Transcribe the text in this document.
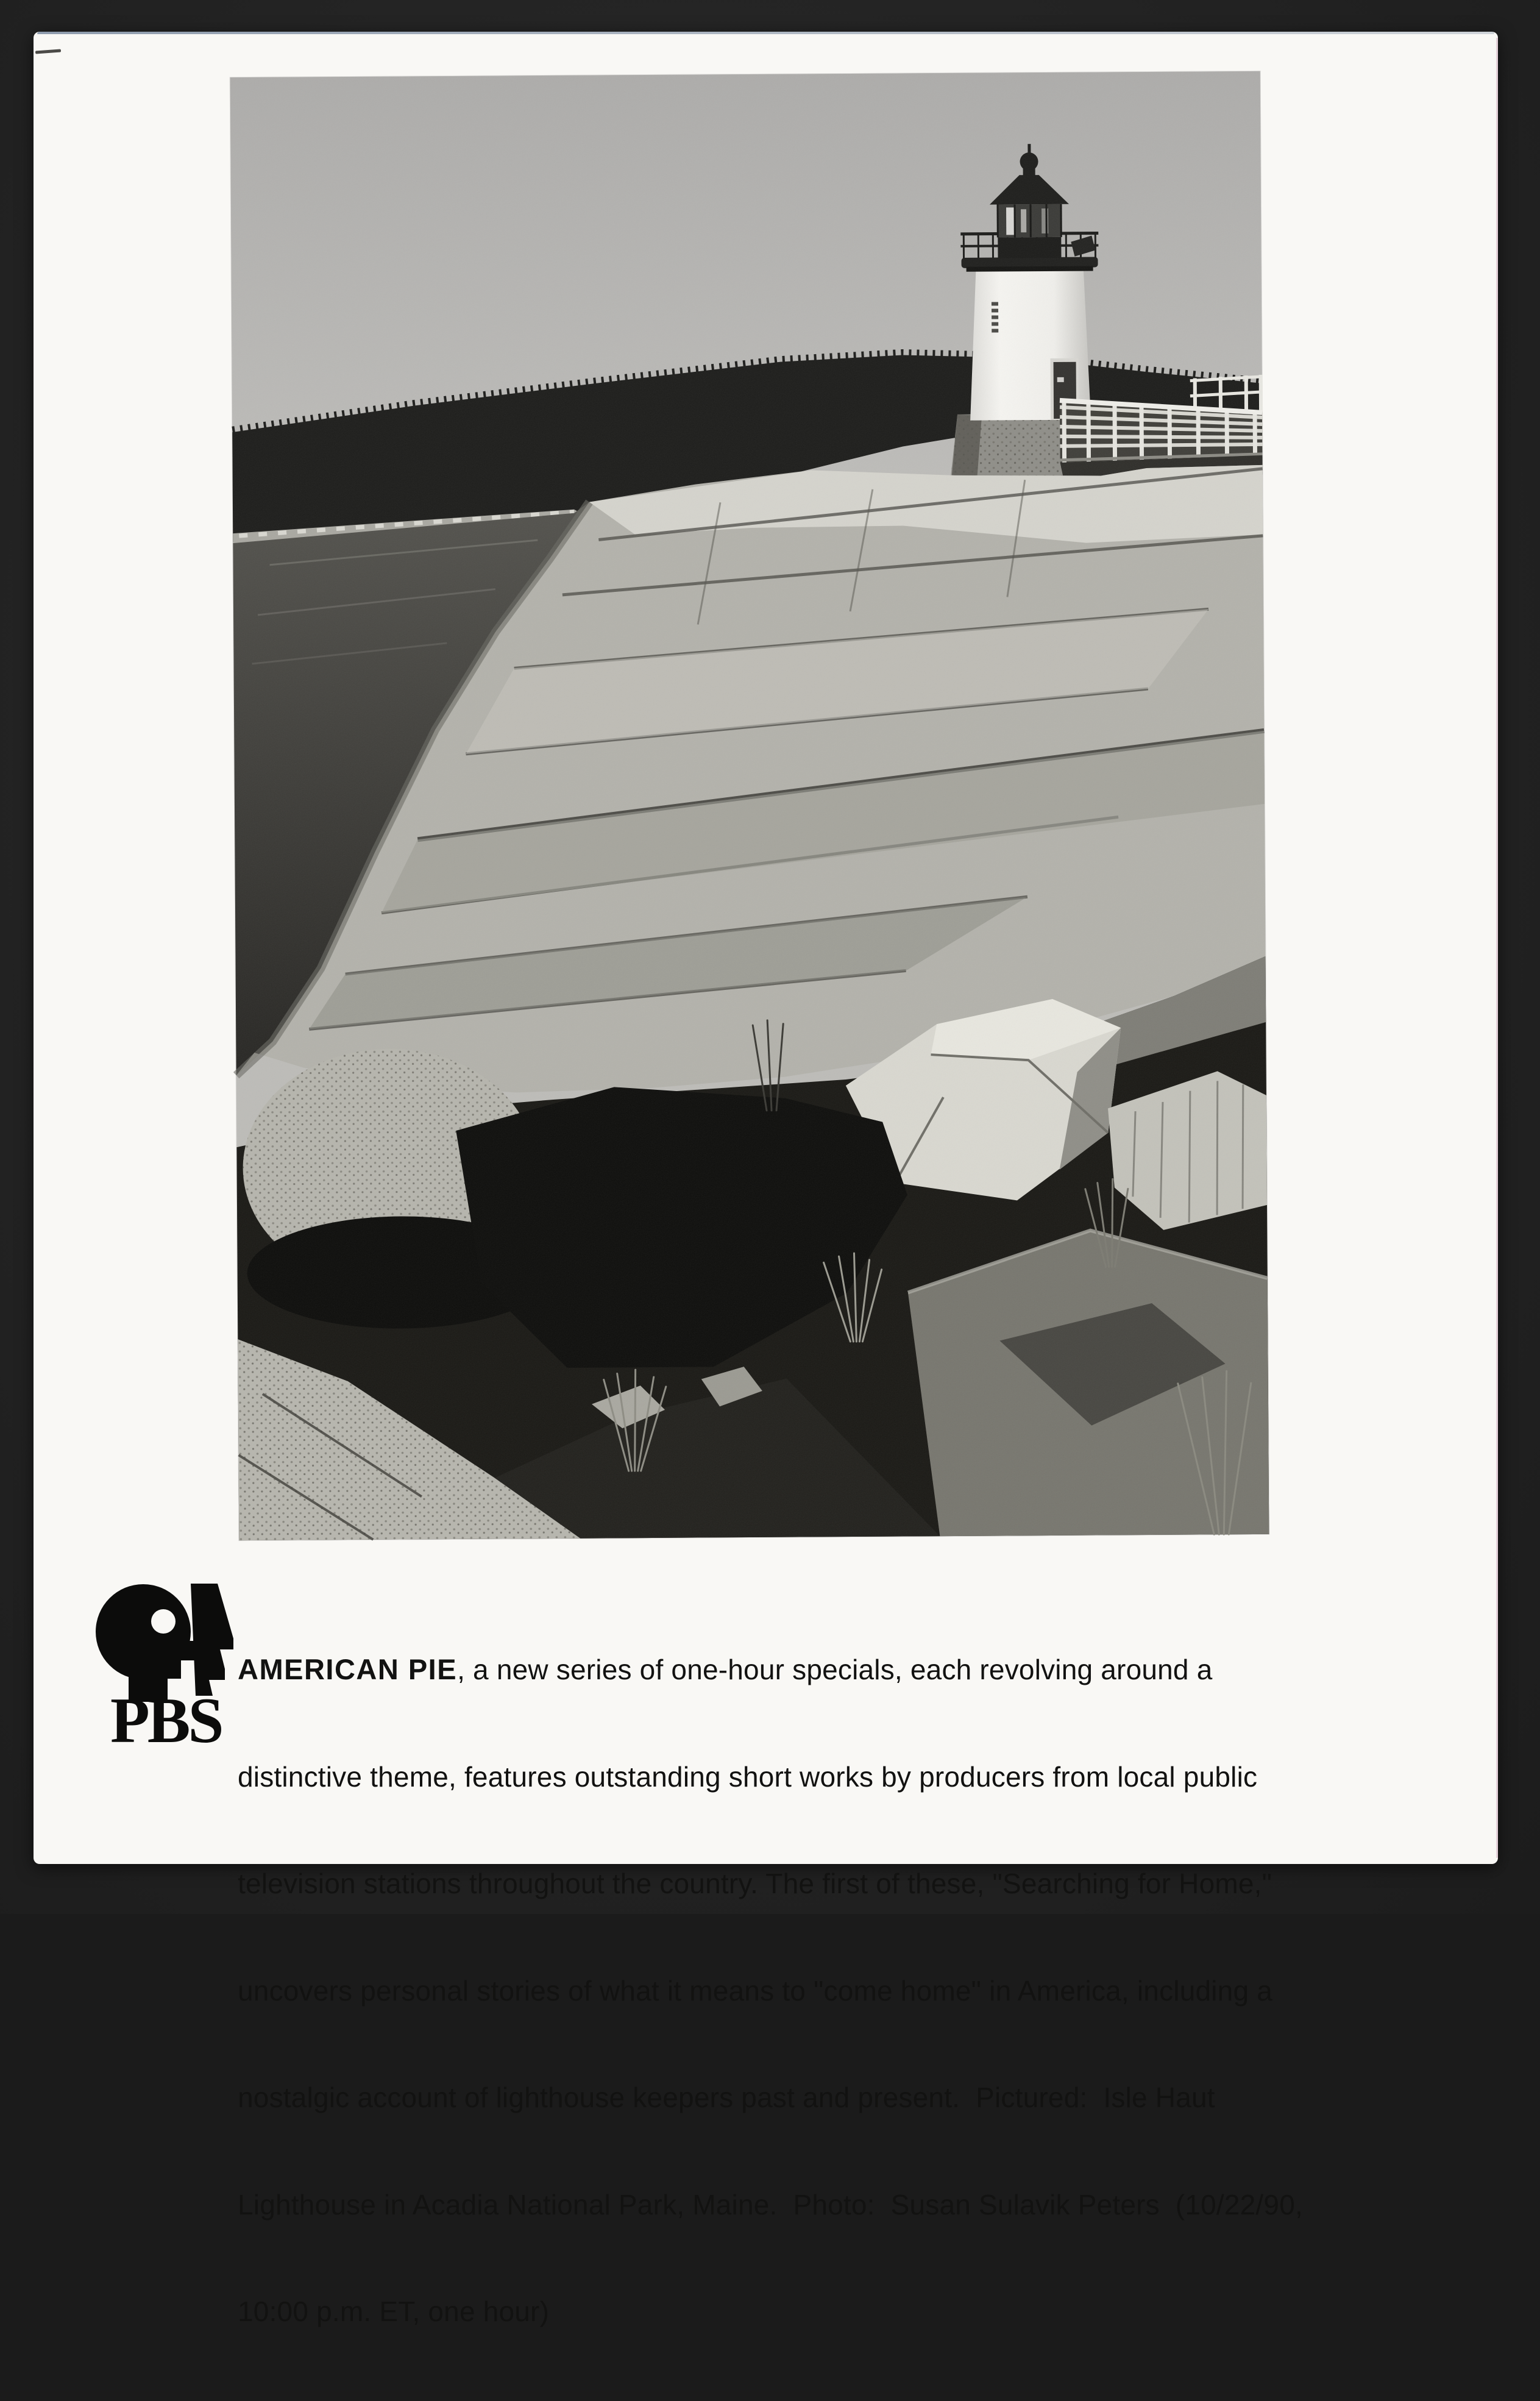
PBS

AMERICAN PIE, a new series of one-hour specials, each revolving around a

distinctive theme, features outstanding short works by producers from local public

television stations throughout the country. The first of these, "Searching for Home,"

uncovers personal stories of what it means to "come home" in America, including a

nostalgic account of lighthouse keepers past and present.  Pictured:  Isle Haut

Lighthouse in Acadia National Park, Maine.  Photo:  Susan Sulavik Peters  (10/22/90,

10:00 p.m. ET, one hour)
